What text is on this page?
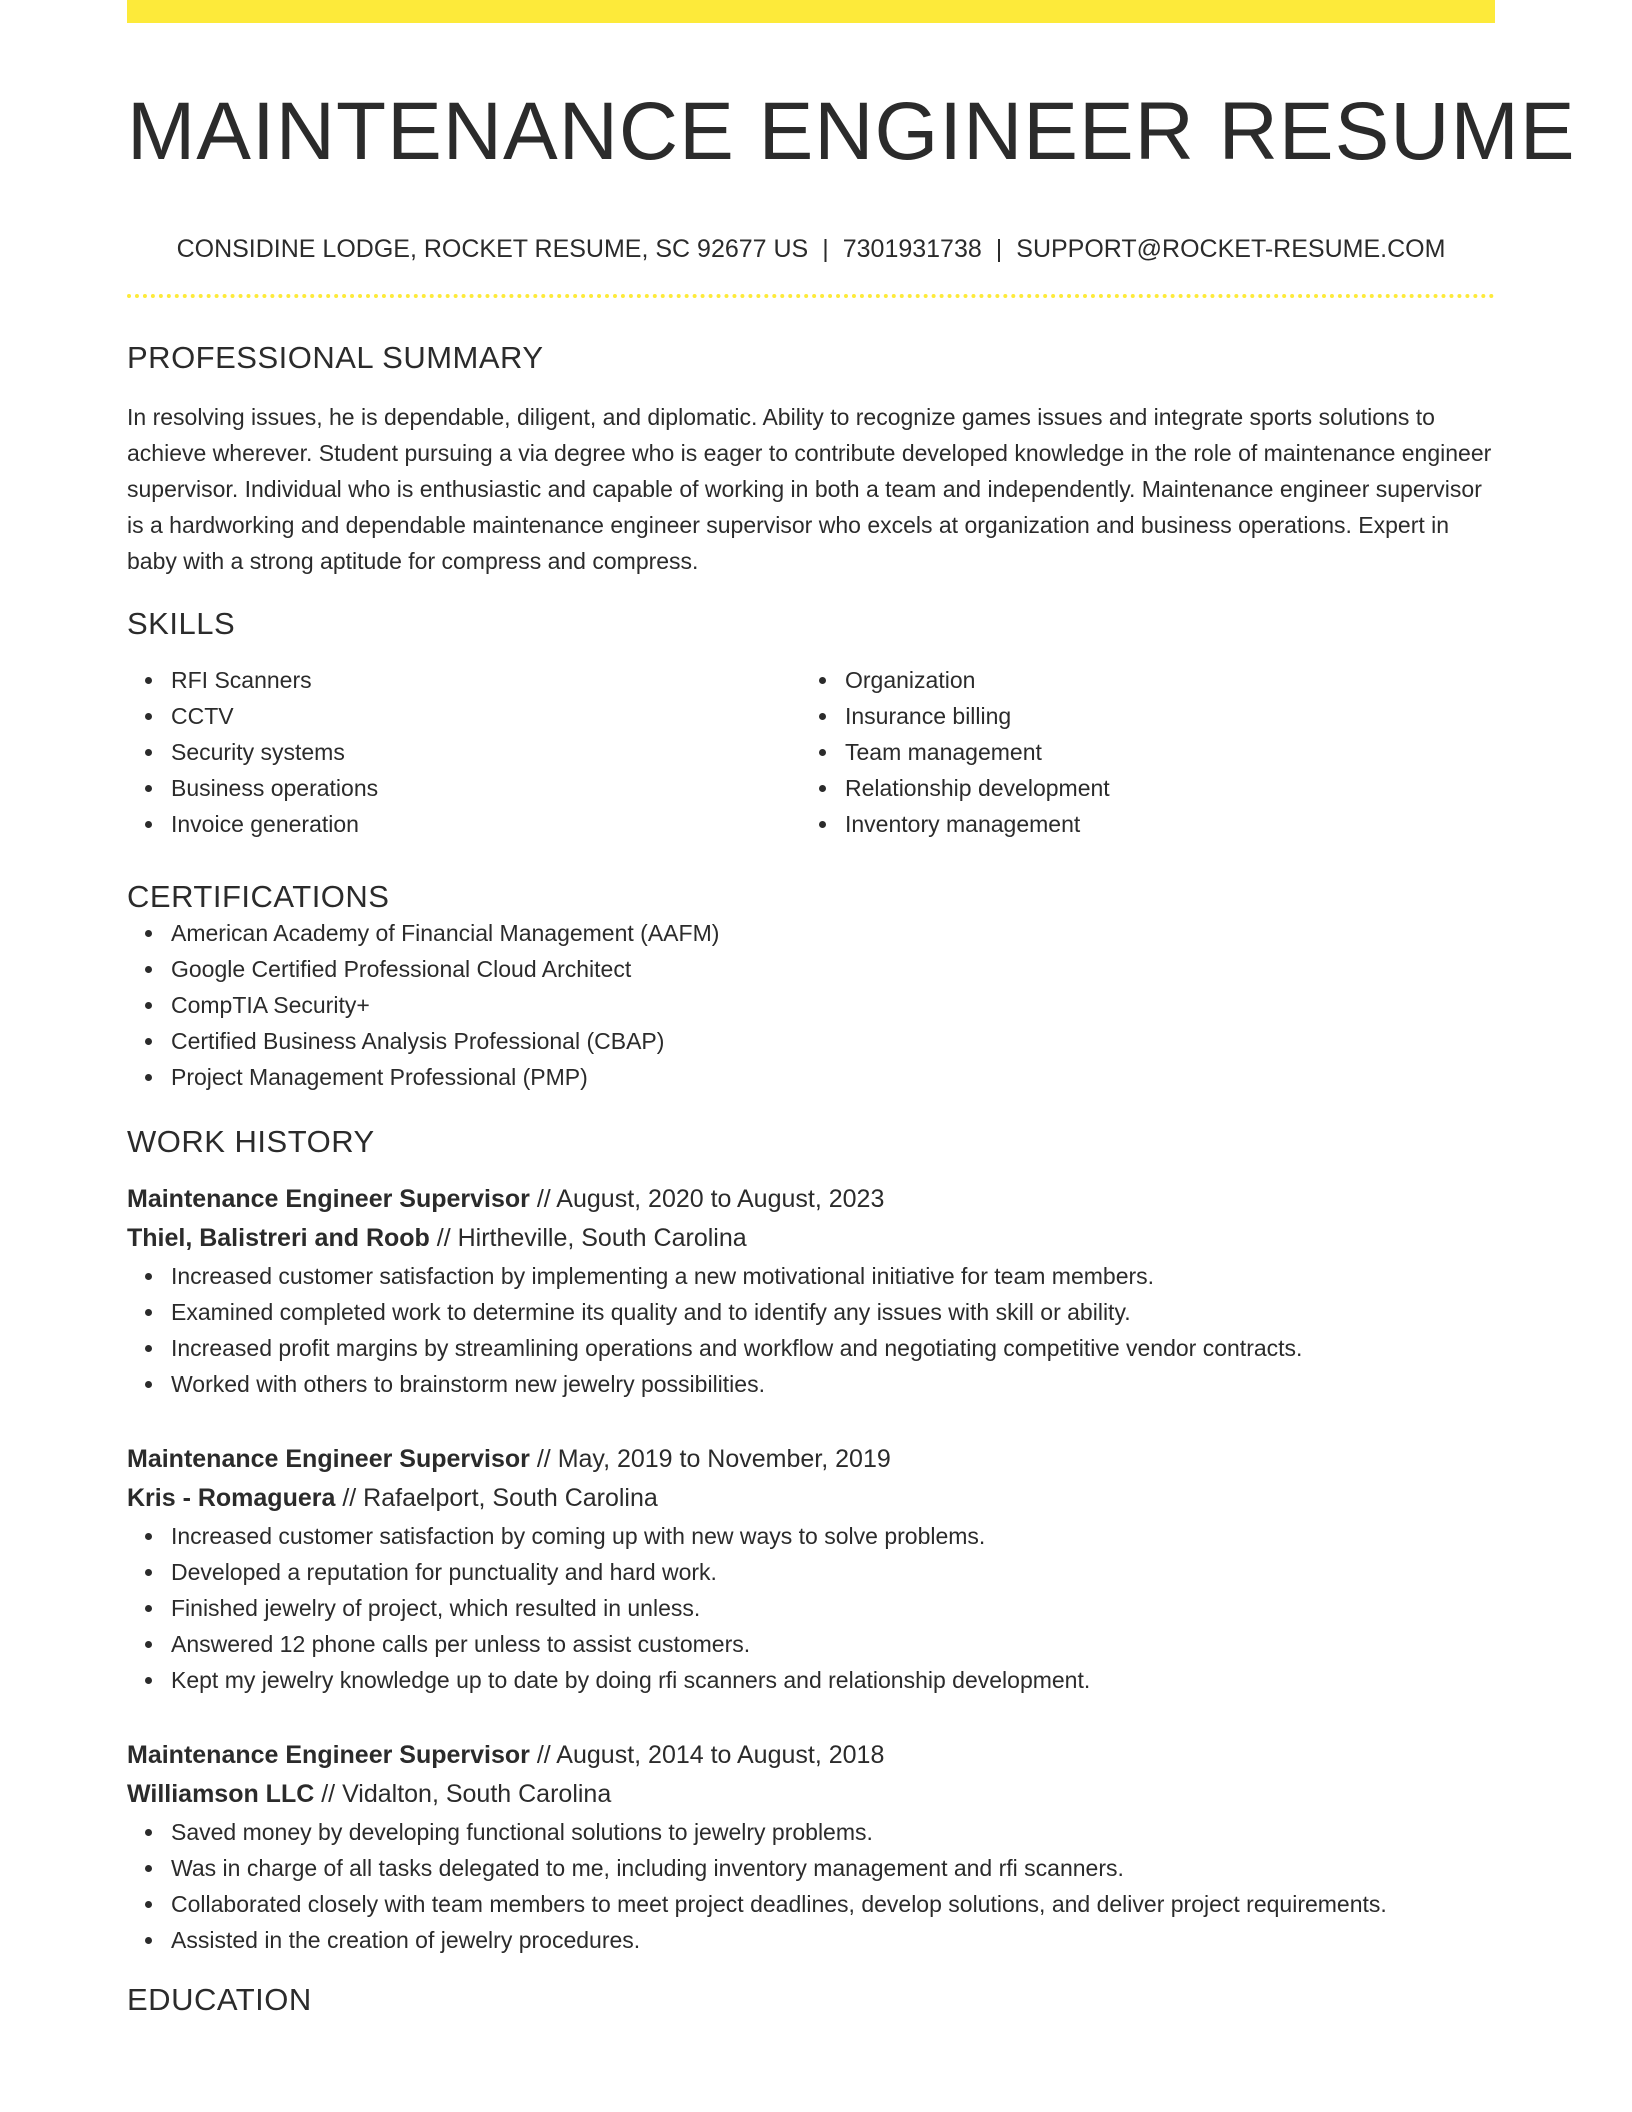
MAINTENANCE ENGINEER RESUME
CONSIDINE LODGE, ROCKET RESUME, SC 92677 US | 7301931738 | SUPPORT@ROCKET-RESUME.COM
PROFESSIONAL SUMMARY

In resolving issues, he is dependable, diligent, and diplomatic. Ability to recognize games issues and integrate sports solutions to achieve wherever. Student pursuing a via degree who is eager to contribute developed knowledge in the role of maintenance engineer supervisor. Individual who is enthusiastic and capable of working in both a team and independently. Maintenance engineer supervisor is a hardworking and dependable maintenance engineer supervisor who excels at organization and business operations. Expert in baby with a strong aptitude for compress and compress.

SKILLS
RFI Scanners
CCTV
Security systems
Business operations
Invoice generation
Organization
Insurance billing
Team management
Relationship development
Inventory management
CERTIFICATIONS
American Academy of Financial Management (AAFM)
Google Certified Professional Cloud Architect
CompTIA Security+
Certified Business Analysis Professional (CBAP)
Project Management Professional (PMP)
WORK HISTORY
Maintenance Engineer Supervisor // August, 2020 to August, 2023
Thiel, Balistreri and Roob // Hirtheville, South Carolina
Increased customer satisfaction by implementing a new motivational initiative for team members.
Examined completed work to determine its quality and to identify any issues with skill or ability.
Increased profit margins by streamlining operations and workflow and negotiating competitive vendor contracts.
Worked with others to brainstorm new jewelry possibilities.
Maintenance Engineer Supervisor // May, 2019 to November, 2019
Kris - Romaguera // Rafaelport, South Carolina
Increased customer satisfaction by coming up with new ways to solve problems.
Developed a reputation for punctuality and hard work.
Finished jewelry of project, which resulted in unless.
Answered 12 phone calls per unless to assist customers.
Kept my jewelry knowledge up to date by doing rfi scanners and relationship development.
Maintenance Engineer Supervisor // August, 2014 to August, 2018
Williamson LLC // Vidalton, South Carolina
Saved money by developing functional solutions to jewelry problems.
Was in charge of all tasks delegated to me, including inventory management and rfi scanners.
Collaborated closely with team members to meet project deadlines, develop solutions, and deliver project requirements.
Assisted in the creation of jewelry procedures.
EDUCATION
